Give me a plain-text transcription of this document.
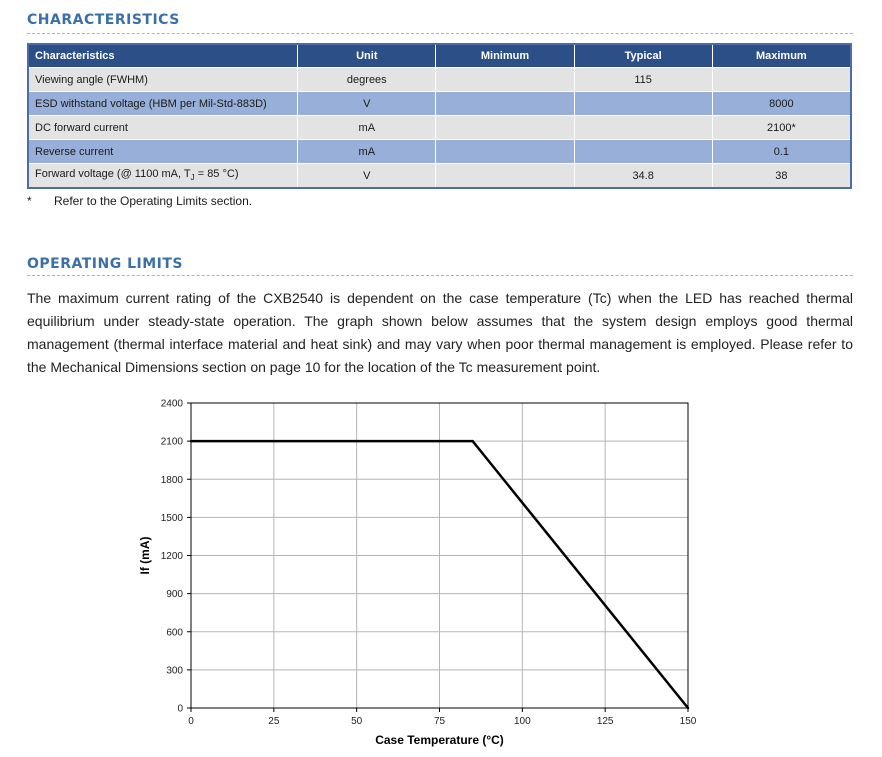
CHARACTERISTICS
Characteristics	Unit	Minimum	Typical	Maximum
Viewing angle (FWHM)	degrees		115	
ESD withstand voltage (HBM per Mil-Std-883D)	V			8000
DC forward current	mA			2100*
Reverse current	mA			0.1
Forward voltage (@ 1100 mA, $T_J = 85$ °C)	V		34.8	38
* Refer to the Operating Limits section.
OPERATING LIMITS
The maximum current rating of the CXB2540 is dependent on the case temperature (Tc) when the LED has reached thermal equilibrium under steady-state operation. The graph shown below assumes that the system design employs good thermal management (thermal interface material and heat sink) and may vary when poor thermal management is employed. Please refer to the Mechanical Dimensions section on page 10 for the location of the Tc measurement point.
0
300
600
900
1200
1500
1800
2100
2400
0	25	50	75	100	125	150
Case Temperature (°C)
If (mA)
